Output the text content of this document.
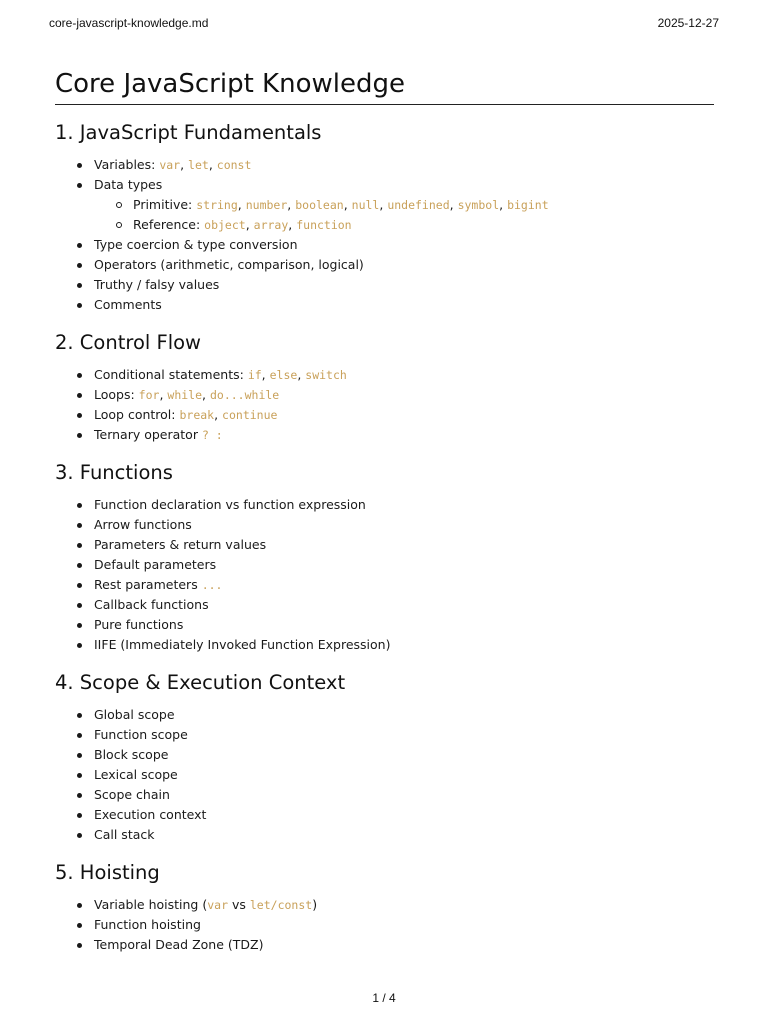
core-javascript-knowledge.md	2025-12-27
Core JavaScript Knowledge
1. JavaScript Fundamentals
Variables: var, let, const
Data types
Primitive: string, number, boolean, null, undefined, symbol, bigint
Reference: object, array, function
Type coercion & type conversion
Operators (arithmetic, comparison, logical)
Truthy / falsy values
Comments
2. Control Flow
Conditional statements: if, else, switch
Loops: for, while, do...while
Loop control: break, continue
Ternary operator ? :
3. Functions
Function declaration vs function expression
Arrow functions
Parameters & return values
Default parameters
Rest parameters ...
Callback functions
Pure functions
IIFE (Immediately Invoked Function Expression)
4. Scope & Execution Context
Global scope
Function scope
Block scope
Lexical scope
Scope chain
Execution context
Call stack
5. Hoisting
Variable hoisting (var vs let/const)
Function hoisting
Temporal Dead Zone (TDZ)
1 / 4
